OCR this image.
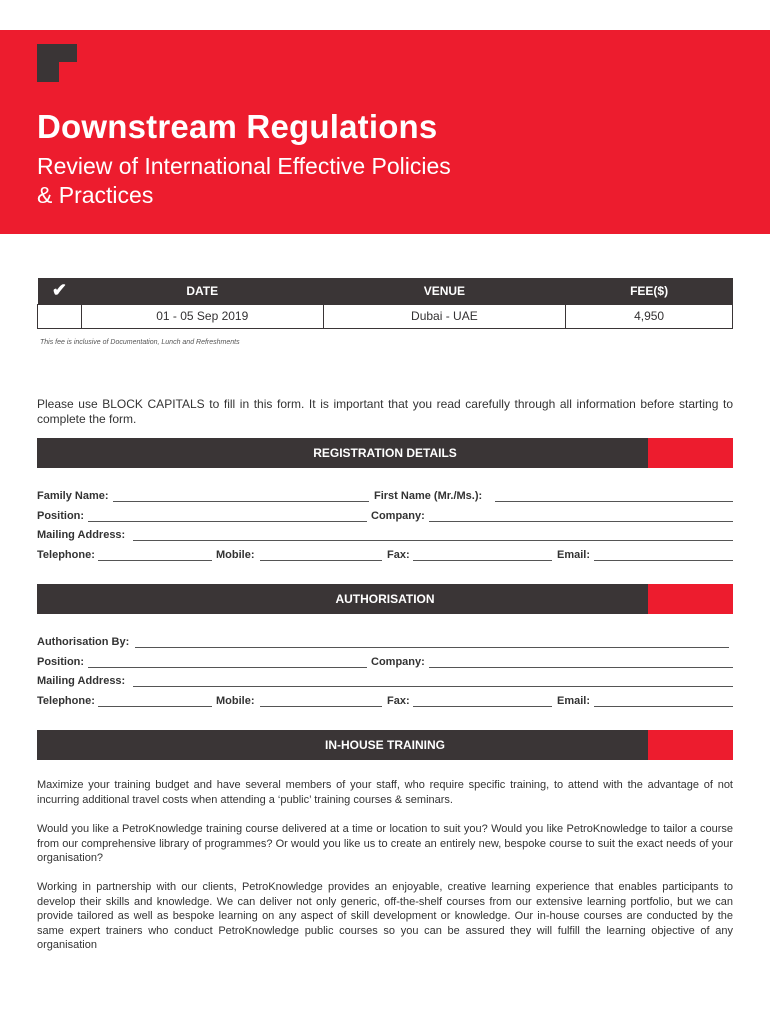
Downstream Regulations
Review of International Effective Policies & Practices
✔	DATE	VENUE	FEE($)
	01 - 05 Sep 2019	Dubai - UAE	4,950
This fee is inclusive of Documentation, Lunch and Refreshments
Please use BLOCK CAPITALS to fill in this form. It is important that you read carefully through all information before starting to complete the form.
REGISTRATION DETAILS
Family Name:	First Name (Mr./Ms.):
Position:	Company:
Mailing Address:
Telephone:	Mobile:	Fax:	Email:
AUTHORISATION
Authorisation By:
Position:	Company:
Mailing Address:
Telephone:	Mobile:	Fax:	Email:
IN-HOUSE TRAINING
Maximize your training budget and have several members of your staff, who require specific training, to attend with the advantage of not incurring additional travel costs when attending a ‘public’ training courses & seminars.
Would you like a PetroKnowledge training course delivered at a time or location to suit you? Would you like PetroKnowledge to tailor a course from our comprehensive library of programmes? Or would you like us to create an entirely new, bespoke course to suit the exact needs of your organisation?
Working in partnership with our clients, PetroKnowledge provides an enjoyable, creative learning experience that enables participants to develop their skills and knowledge. We can deliver not only generic, off-the-shelf courses from our extensive learning portfolio, but we can provide tailored as well as bespoke learning on any aspect of skill development or knowledge. Our in-house courses are conducted by the same expert trainers who conduct PetroKnowledge public courses so you can be assured they will fulfill the learning objective of any organisation
